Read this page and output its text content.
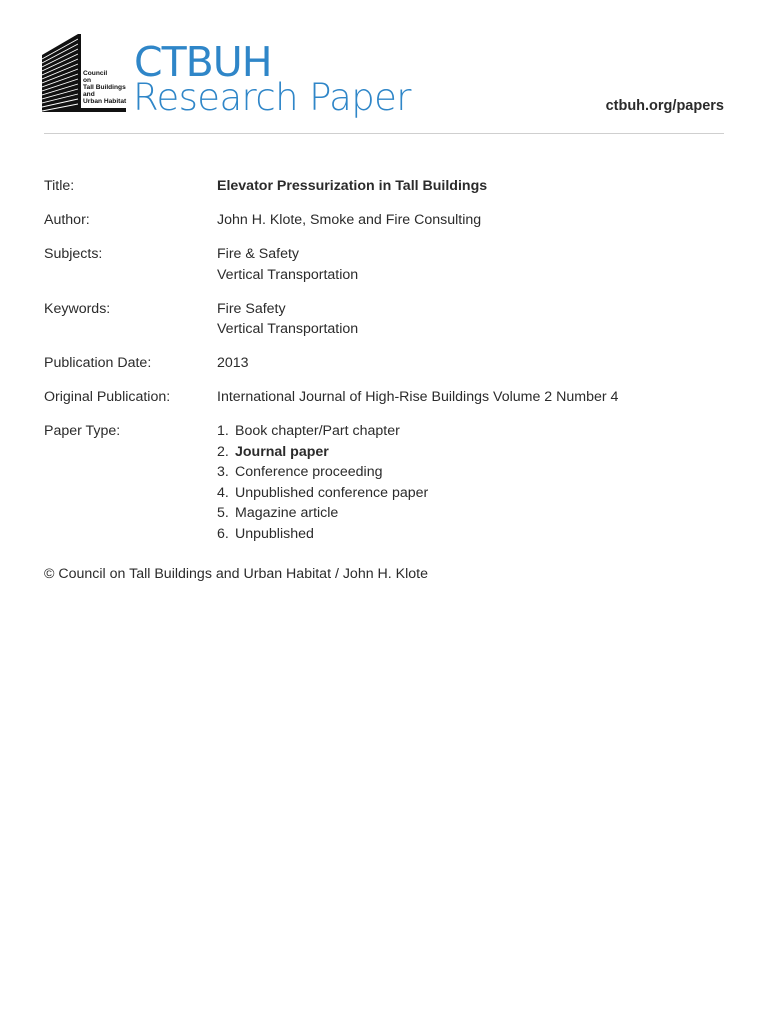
Council
on
Tall Buildings
and
Urban Habitat
CTBUH
Research Paper	ctbuh.org/papers
Title:	Elevator Pressurization in Tall Buildings
Author:	John H. Klote, Smoke and Fire Consulting
Subjects:	Fire & Safety
Vertical Transportation
Keywords:	Fire Safety
Vertical Transportation
Publication Date:	2013
Original Publication:	International Journal of High-Rise Buildings Volume 2 Number 4
Paper Type:	1. Book chapter/Part chapter
2. Journal paper
3. Conference proceeding
4. Unpublished conference paper
5. Magazine article
6. Unpublished
© Council on Tall Buildings and Urban Habitat / John H. Klote
